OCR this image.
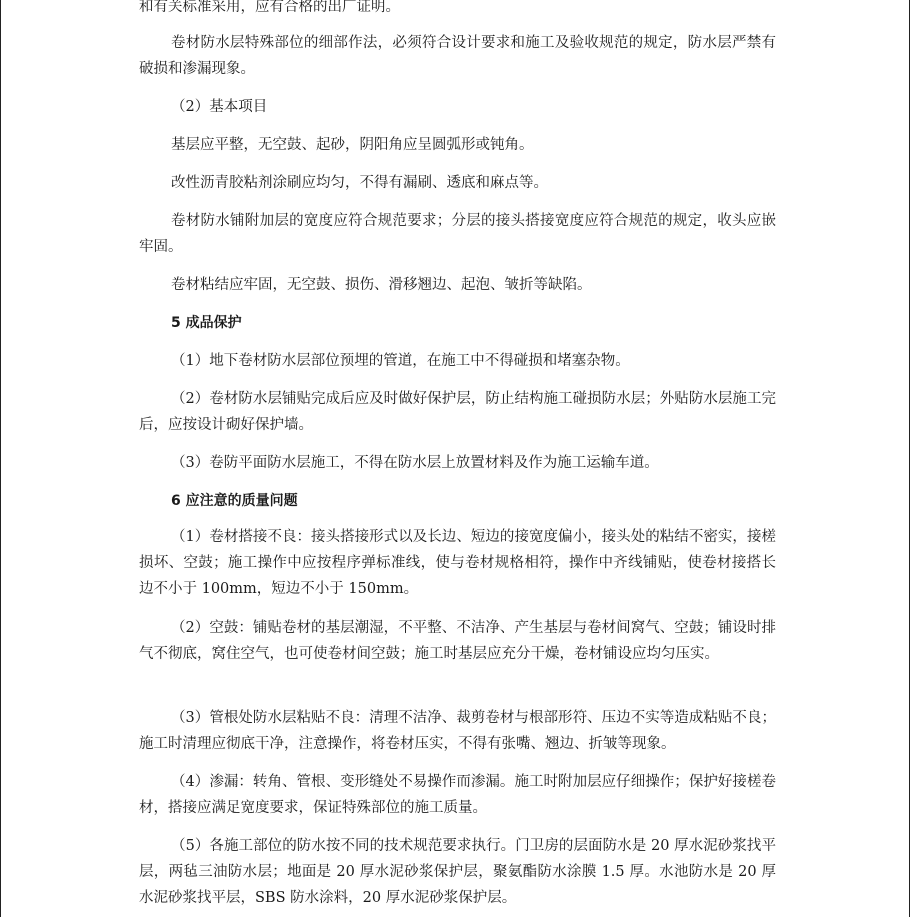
和有关标准采用，应有合格的出厂证明。
卷材防水层特殊部位的细部作法，必须符合设计要求和施工及验收规范的规定，防水层严禁有破损和渗漏现象。
（2）基本项目
基层应平整，无空鼓、起砂，阴阳角应呈圆弧形或钝角。
改性沥青胶粘剂涂刷应均匀，不得有漏刷、透底和麻点等。
卷材防水铺附加层的宽度应符合规范要求；分层的接头搭接宽度应符合规范的规定，收头应嵌牢固。
卷材粘结应牢固，无空鼓、损伤、滑移翘边、起泡、皱折等缺陷。
5 成品保护
（1）地下卷材防水层部位预埋的管道，在施工中不得碰损和堵塞杂物。
（2）卷材防水层铺贴完成后应及时做好保护层，防止结构施工碰损防水层；外贴防水层施工完后，应按设计砌好保护墙。
（3）卷防平面防水层施工，不得在防水层上放置材料及作为施工运输车道。
6 应注意的质量问题
（1）卷材搭接不良：接头搭接形式以及长边、短边的接宽度偏小，接头处的粘结不密实，接槎损坏、空鼓；施工操作中应按程序弹标准线，使与卷材规格相符，操作中齐线铺贴，使卷材接搭长边不小于 100mm，短边不小于 150mm。
（2）空鼓：铺贴卷材的基层潮湿，不平整、不洁净、产生基层与卷材间窝气、空鼓；铺设时排气不彻底，窝住空气，也可使卷材间空鼓；施工时基层应充分干燥，卷材铺设应均匀压实。
（3）管根处防水层粘贴不良：清理不洁净、裁剪卷材与根部形符、压边不实等造成粘贴不良；施工时清理应彻底干净，注意操作，将卷材压实，不得有张嘴、翘边、折皱等现象。
（4）渗漏：转角、管根、变形缝处不易操作而渗漏。施工时附加层应仔细操作；保护好接槎卷材，搭接应满足宽度要求，保证特殊部位的施工质量。
（5）各施工部位的防水按不同的技术规范要求执行。门卫房的层面防水是 20 厚水泥砂浆找平层，两毡三油防水层；地面是 20 厚水泥砂浆保护层，聚氨酯防水涂膜 1.5 厚。水池防水是 20 厚水泥砂浆找平层，SBS 防水涂料，20 厚水泥砂浆保护层。
